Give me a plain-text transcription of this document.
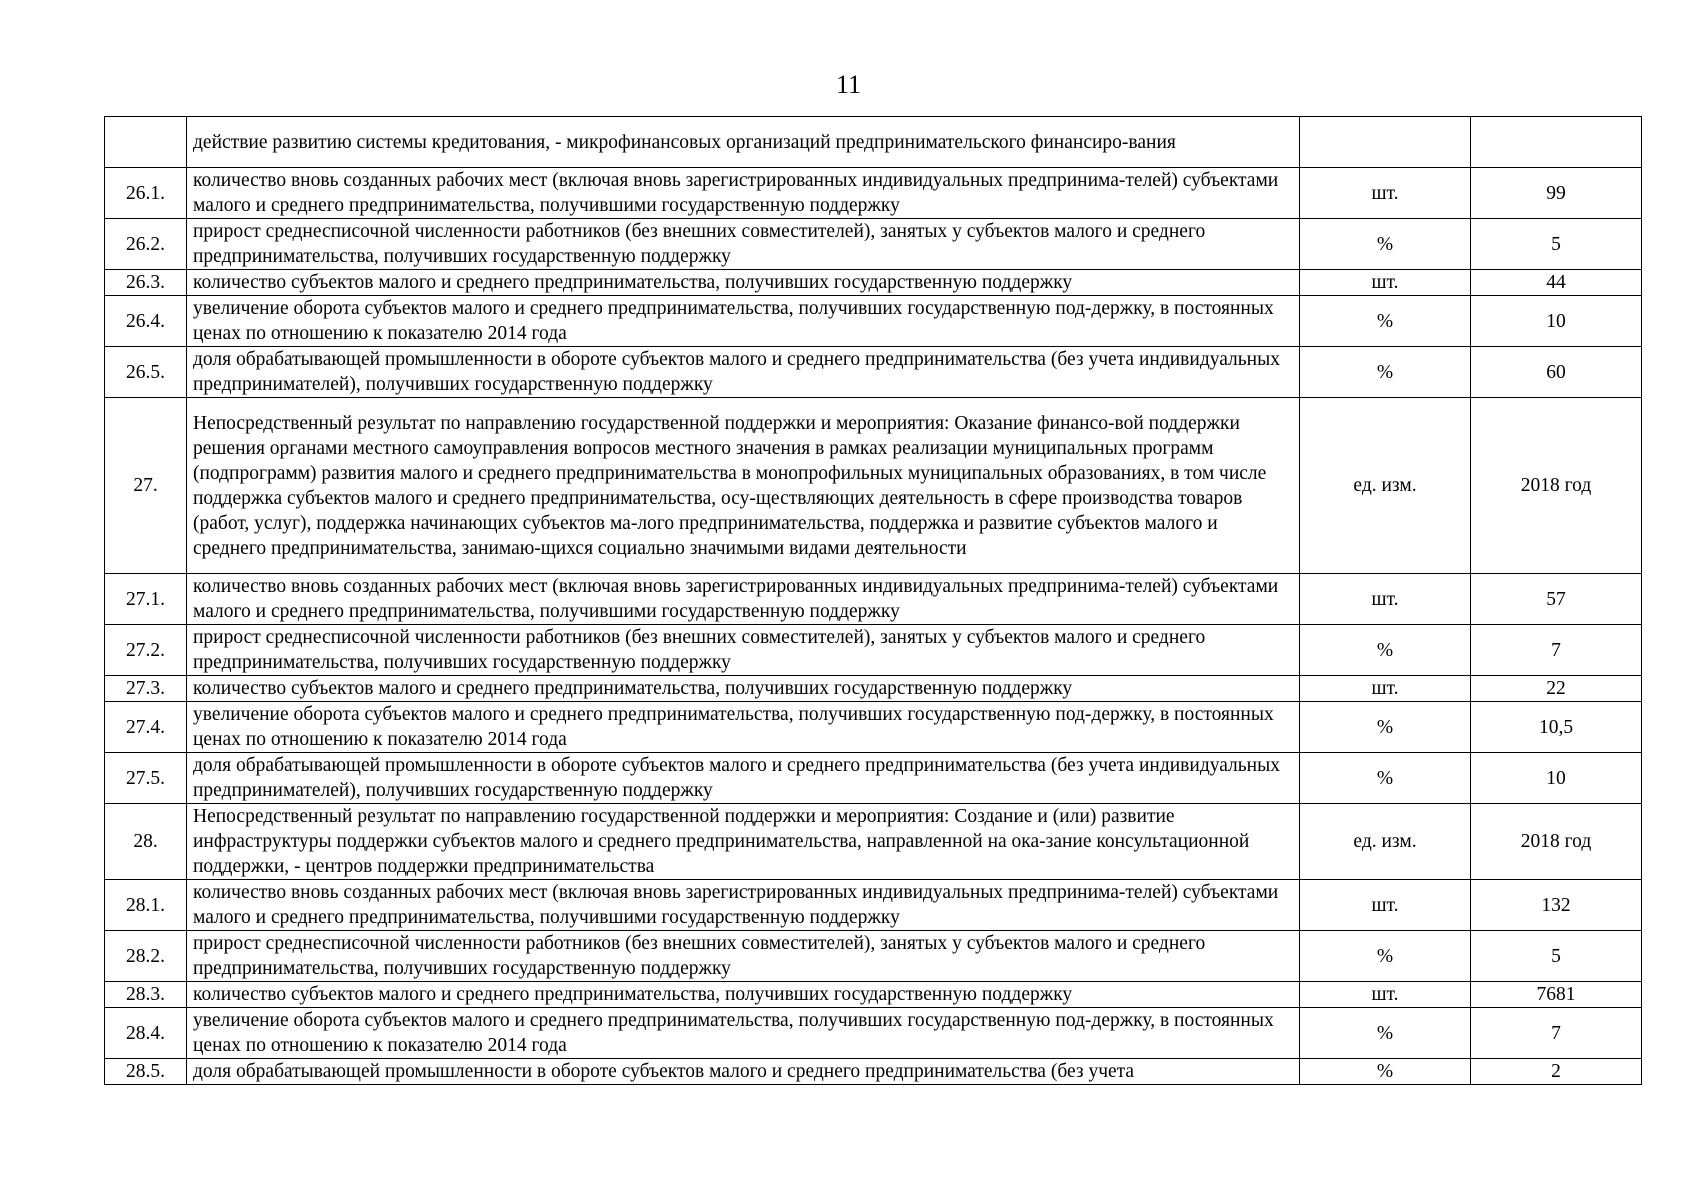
11
	действие развитию системы кредитования, - микрофинансовых организаций предпринимательского финансиро-вания		
26.1.	количество вновь созданных рабочих мест (включая вновь зарегистрированных индивидуальных предпринима-телей) субъектами малого и среднего предпринимательства, получившими государственную поддержку	шт.	99
26.2.	прирост среднесписочной численности работников (без внешних совместителей), занятых у субъектов малого и среднего предпринимательства, получивших государственную поддержку	%	5
26.3.	количество субъектов малого и среднего предпринимательства, получивших государственную поддержку	шт.	44
26.4.	увеличение оборота субъектов малого и среднего предпринимательства, получивших государственную под-держку, в постоянных ценах по отношению к показателю 2014 года	%	10
26.5.	доля обрабатывающей промышленности в обороте субъектов малого и среднего предпринимательства (без учета индивидуальных предпринимателей), получивших государственную поддержку	%	60
27.	Непосредственный результат по направлению государственной поддержки и мероприятия: Оказание финансо-вой поддержки решения органами местного самоуправления вопросов местного значения в рамках реализации муниципальных программ (подпрограмм) развития малого и среднего предпринимательства в монопрофильных муниципальных образованиях, в том числе поддержка субъектов малого и среднего предпринимательства, осу-ществляющих деятельность в сфере производства товаров (работ, услуг), поддержка начинающих субъектов ма-лого предпринимательства, поддержка и развитие субъектов малого и среднего предпринимательства, занимаю-щихся социально значимыми видами деятельности	ед. изм.	2018 год
27.1.	количество вновь созданных рабочих мест (включая вновь зарегистрированных индивидуальных предпринима-телей) субъектами малого и среднего предпринимательства, получившими государственную поддержку	шт.	57
27.2.	прирост среднесписочной численности работников (без внешних совместителей), занятых у субъектов малого и среднего предпринимательства, получивших государственную поддержку	%	7
27.3.	количество субъектов малого и среднего предпринимательства, получивших государственную поддержку	шт.	22
27.4.	увеличение оборота субъектов малого и среднего предпринимательства, получивших государственную под-держку, в постоянных ценах по отношению к показателю 2014 года	%	10,5
27.5.	доля обрабатывающей промышленности в обороте субъектов малого и среднего предпринимательства (без учета индивидуальных предпринимателей), получивших государственную поддержку	%	10
28.	Непосредственный результат по направлению государственной поддержки и мероприятия: Создание и (или) развитие инфраструктуры поддержки субъектов малого и среднего предпринимательства, направленной на ока-зание консультационной поддержки, - центров поддержки предпринимательства	ед. изм.	2018 год
28.1.	количество вновь созданных рабочих мест (включая вновь зарегистрированных индивидуальных предпринима-телей) субъектами малого и среднего предпринимательства, получившими государственную поддержку	шт.	132
28.2.	прирост среднесписочной численности работников (без внешних совместителей), занятых у субъектов малого и среднего предпринимательства, получивших государственную поддержку	%	5
28.3.	количество субъектов малого и среднего предпринимательства, получивших государственную поддержку	шт.	7681
28.4.	увеличение оборота субъектов малого и среднего предпринимательства, получивших государственную под-держку, в постоянных ценах по отношению к показателю 2014 года	%	7
28.5.	доля обрабатывающей промышленности в обороте субъектов малого и среднего предпринимательства (без учета	%	2
